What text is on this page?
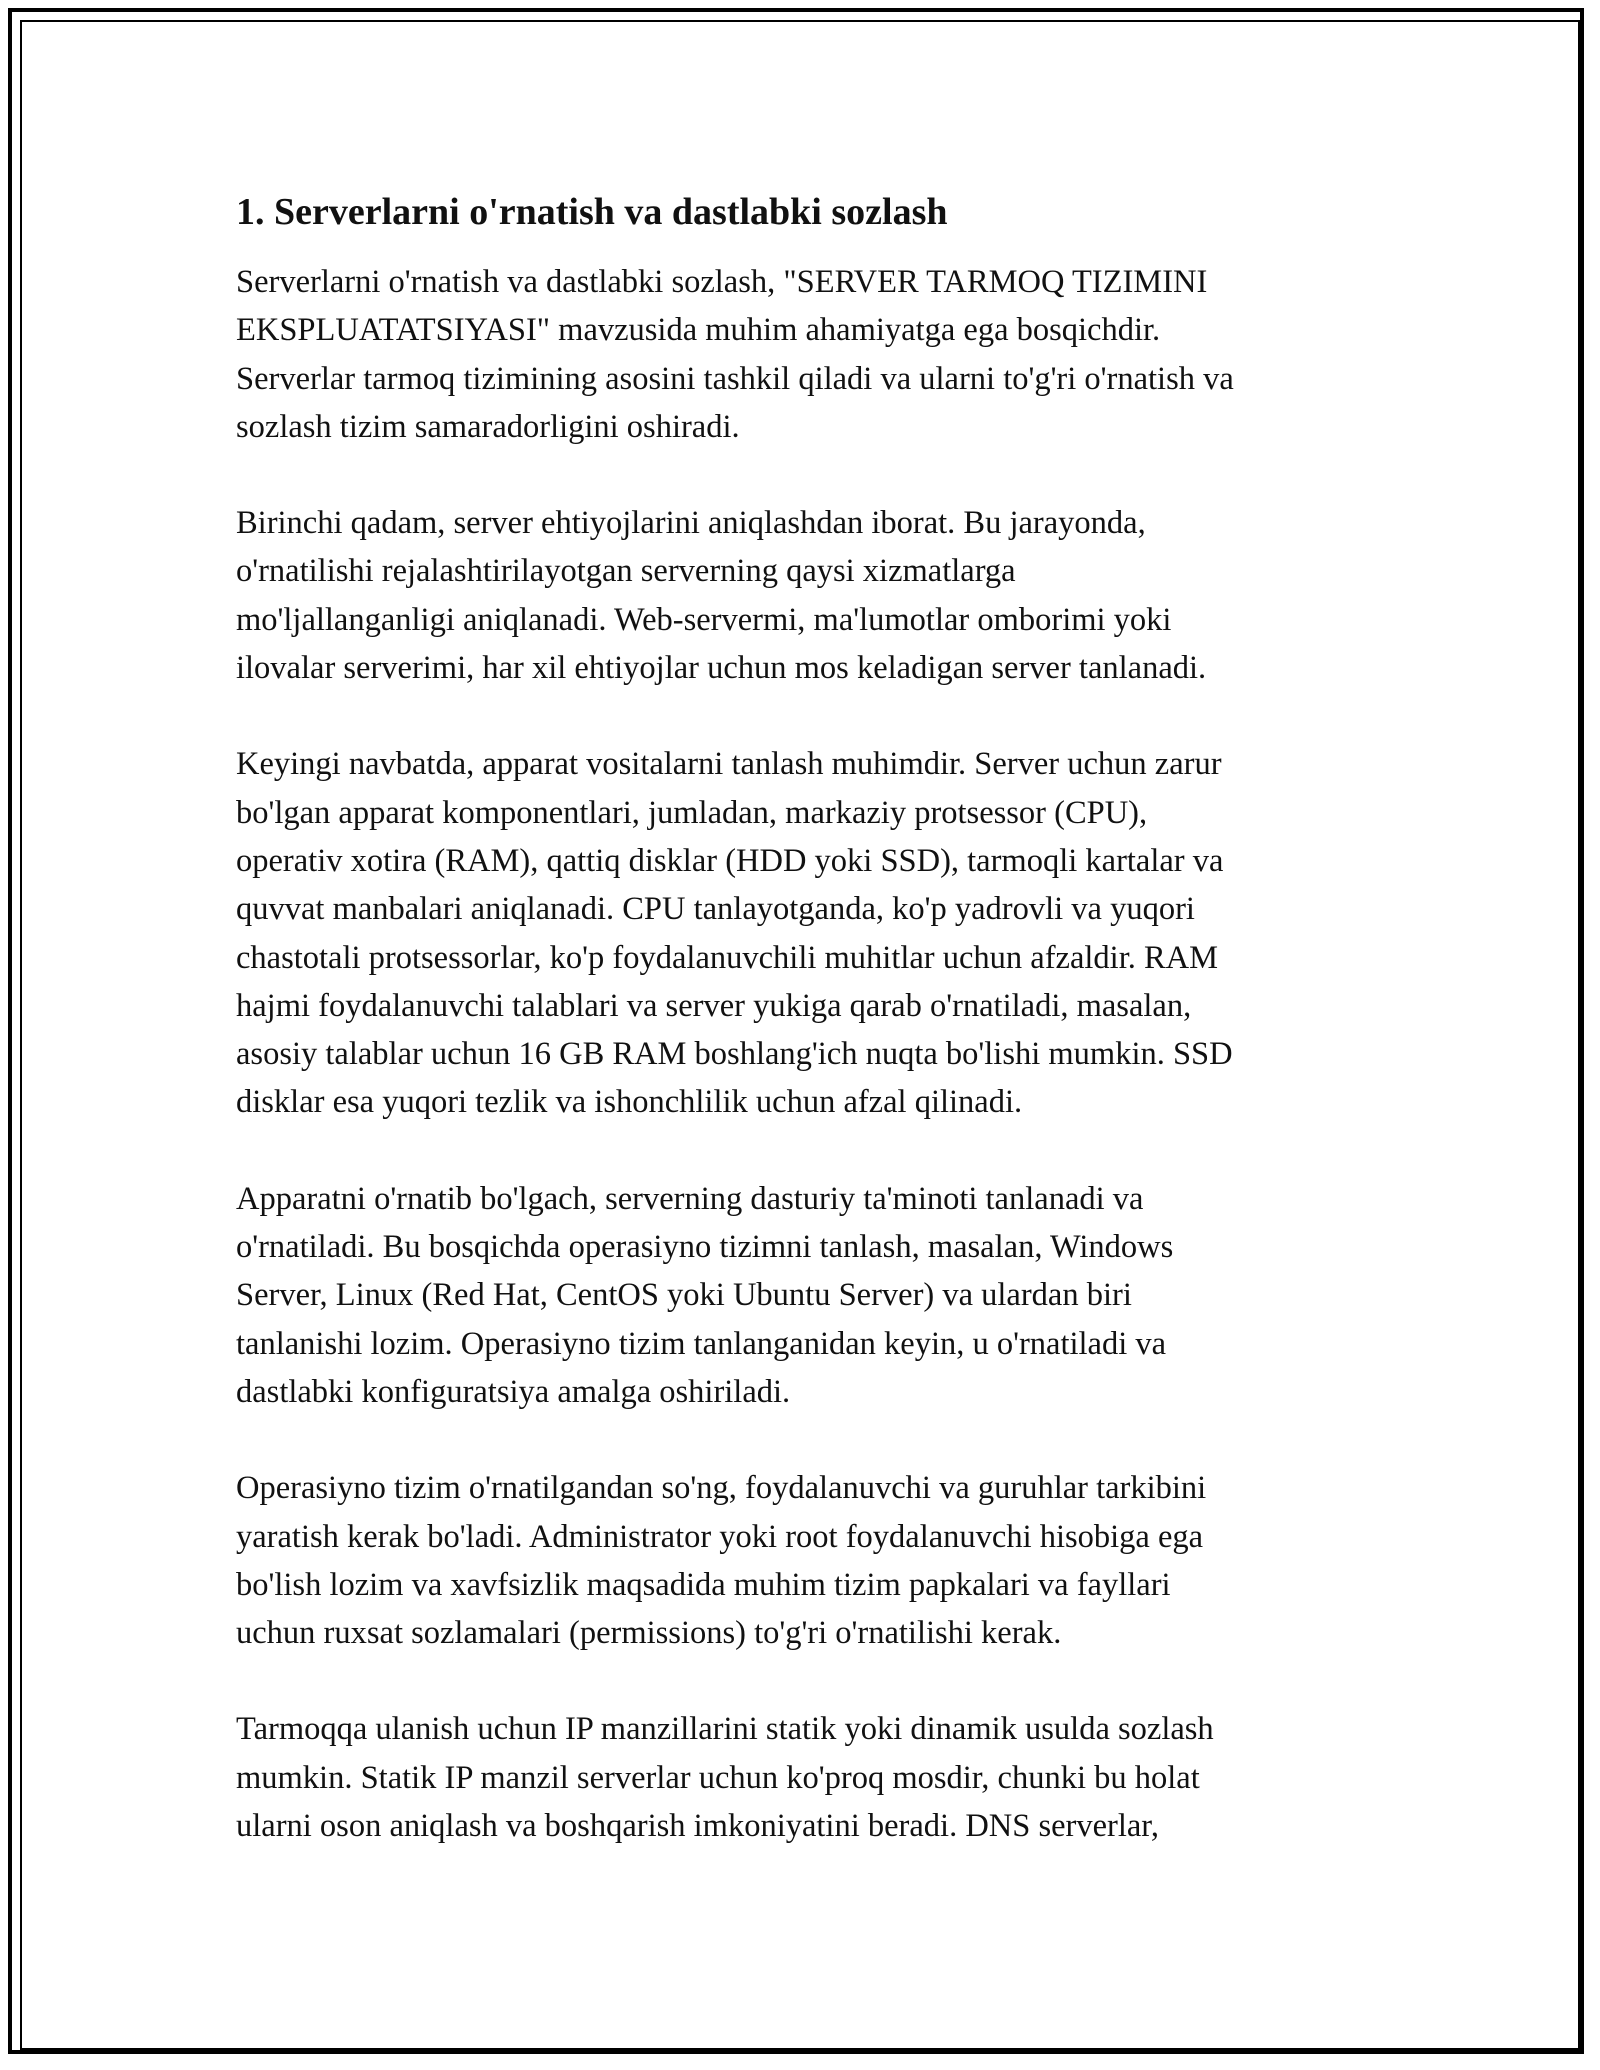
1. Serverlarni o'rnatish va dastlabki sozlash

Serverlarni o'rnatish va dastlabki sozlash, "SERVER TARMOQ TIZIMINI
EKSPLUATATSIYASI" mavzusida muhim ahamiyatga ega bosqichdir.
Serverlar tarmoq tizimining asosini tashkil qiladi va ularni to'g'ri o'rnatish va
sozlash tizim samaradorligini oshiradi.

Birinchi qadam, server ehtiyojlarini aniqlashdan iborat. Bu jarayonda,
o'rnatilishi rejalashtirilayotgan serverning qaysi xizmatlarga
mo'ljallanganligi aniqlanadi. Web-servermi, ma'lumotlar omborimi yoki
ilovalar serverimi, har xil ehtiyojlar uchun mos keladigan server tanlanadi.

Keyingi navbatda, apparat vositalarni tanlash muhimdir. Server uchun zarur
bo'lgan apparat komponentlari, jumladan, markaziy protsessor (CPU),
operativ xotira (RAM), qattiq disklar (HDD yoki SSD), tarmoqli kartalar va
quvvat manbalari aniqlanadi. CPU tanlayotganda, ko'p yadrovli va yuqori
chastotali protsessorlar, ko'p foydalanuvchili muhitlar uchun afzaldir. RAM
hajmi foydalanuvchi talablari va server yukiga qarab o'rnatiladi, masalan,
asosiy talablar uchun 16 GB RAM boshlang'ich nuqta bo'lishi mumkin. SSD
disklar esa yuqori tezlik va ishonchlilik uchun afzal qilinadi.

Apparatni o'rnatib bo'lgach, serverning dasturiy ta'minoti tanlanadi va
o'rnatiladi. Bu bosqichda operasiyno tizimni tanlash, masalan, Windows
Server, Linux (Red Hat, CentOS yoki Ubuntu Server) va ulardan biri
tanlanishi lozim. Operasiyno tizim tanlanganidan keyin, u o'rnatiladi va
dastlabki konfiguratsiya amalga oshiriladi.

Operasiyno tizim o'rnatilgandan so'ng, foydalanuvchi va guruhlar tarkibini
yaratish kerak bo'ladi. Administrator yoki root foydalanuvchi hisobiga ega
bo'lish lozim va xavfsizlik maqsadida muhim tizim papkalari va fayllari
uchun ruxsat sozlamalari (permissions) to'g'ri o'rnatilishi kerak.

Tarmoqqa ulanish uchun IP manzillarini statik yoki dinamik usulda sozlash
mumkin. Statik IP manzil serverlar uchun ko'proq mosdir, chunki bu holat
ularni oson aniqlash va boshqarish imkoniyatini beradi. DNS serverlar,
